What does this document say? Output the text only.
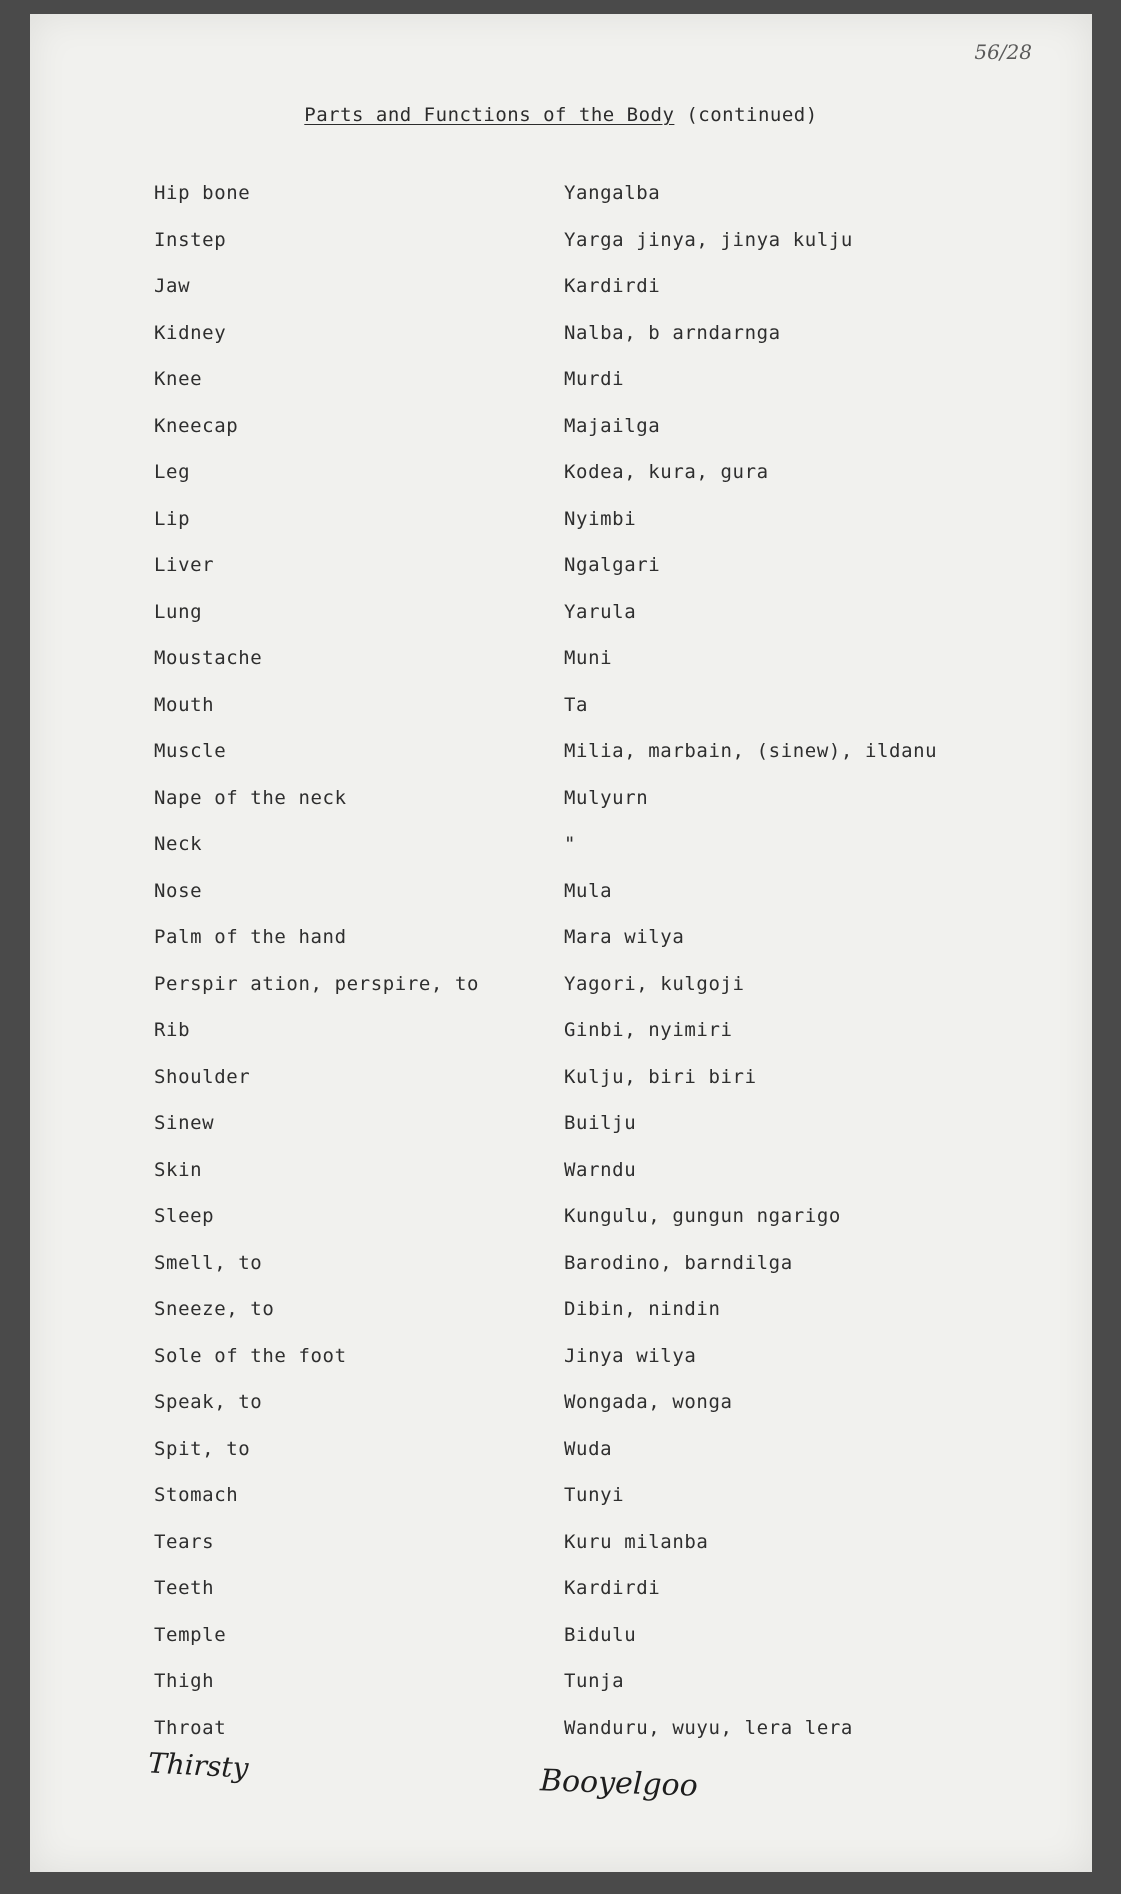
56/28
Parts and Functions of the Body (continued)
Hip bone	Yangalba
Instep	Yarga jinya, jinya kulju
Jaw	Kardirdi
Kidney	Nalba, b arndarnga
Knee	Murdi
Kneecap	Majailga
Leg	Kodea, kura, gura
Lip	Nyimbi
Liver	Ngalgari
Lung	Yarula
Moustache	Muni
Mouth	Ta
Muscle	Milia, marbain, (sinew), ildanu
Nape of the neck	Mulyurn
Neck	"
Nose	Mula
Palm of the hand	Mara wilya
Perspir ation, perspire, to	Yagori, kulgoji
Rib	Ginbi, nyimiri
Shoulder	Kulju, biri biri
Sinew	Builju
Skin	Warndu
Sleep	Kungulu, gungun ngarigo
Smell, to	Barodino, barndilga
Sneeze, to	Dibin, nindin
Sole of the foot	Jinya wilya
Speak, to	Wongada, wonga
Spit, to	Wuda
Stomach	Tunyi
Tears	Kuru milanba
Teeth	Kardirdi
Temple	Bidulu
Thigh	Tunja
Throat	Wanduru, wuyu, lera lera
Thirsty	Booyelgoo
